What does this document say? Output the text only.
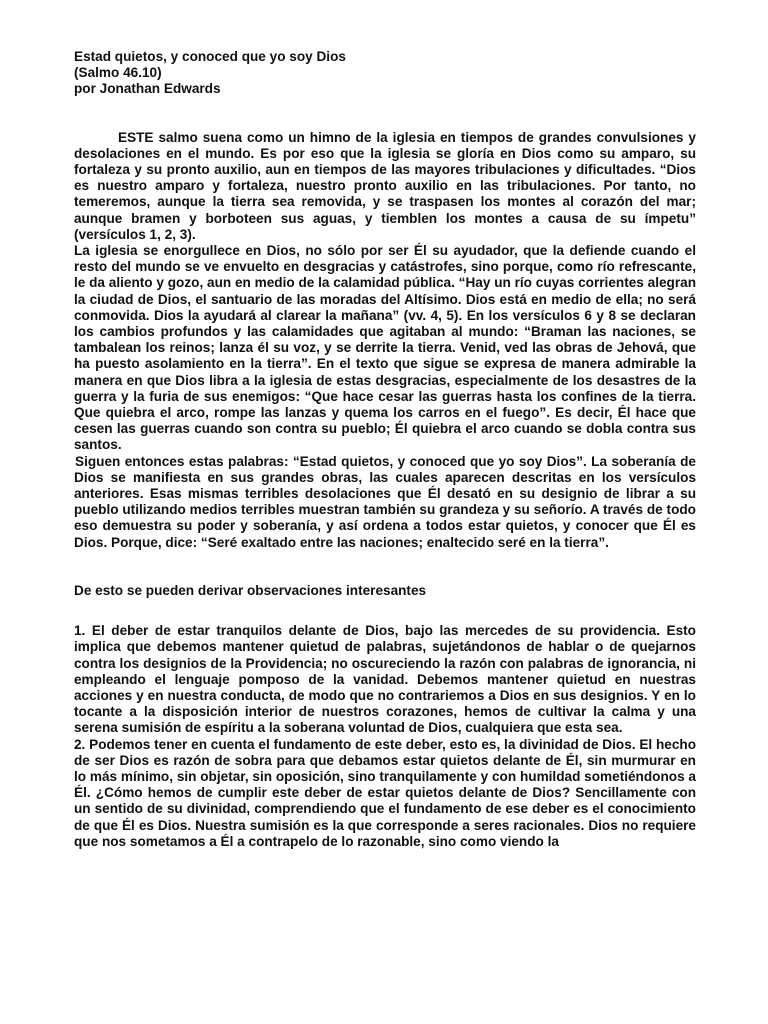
Estad quietos, y conoced que yo soy Dios

(Salmo 46.10)

por Jonathan Edwards

ESTE salmo suena como un himno de la iglesia en tiempos de grandes convulsiones y desolaciones en el mundo. Es por eso que la iglesia se gloría en Dios como su amparo, su fortaleza y su pronto auxilio, aun en tiempos de las mayores tribulaciones y dificultades. “Dios es nuestro amparo y fortaleza, nuestro pronto auxilio en las tribulaciones. Por tanto, no temeremos, aunque la tierra sea removida, y se traspasen los montes al corazón del mar; aunque bramen y borboteen sus aguas, y tiemblen los montes a causa de su ímpetu” (versículos 1, 2, 3).

La iglesia se enorgullece en Dios, no sólo por ser Él su ayudador, que la defiende cuando el resto del mundo se ve envuelto en desgracias y catástrofes, sino porque, como río refrescante, le da aliento y gozo, aun en medio de la calamidad pública. “Hay un río cuyas corrientes alegran la ciudad de Dios, el santuario de las moradas del Altísimo. Dios está en medio de ella; no será conmovida. Dios la ayudará al clarear la mañana” (vv. 4, 5). En los versículos 6 y 8 se declaran los cambios profundos y las calamidades que agitaban al mundo: “Braman las naciones, se tambalean los reinos; lanza él su voz, y se derrite la tierra. Venid, ved las obras de Jehová, que ha puesto asolamiento en la tierra”. En el texto que sigue se expresa de manera admirable la manera en que Dios libra a la iglesia de estas desgracias, especialmente de los desastres de la guerra y la furia de sus enemigos: “Que hace cesar las guerras hasta los confines de la tierra. Que quiebra el arco, rompe las lanzas y quema los carros en el fuego”. Es decir, Él hace que cesen las guerras cuando son contra su pueblo; Él quiebra el arco cuando se dobla contra sus santos.

Siguen entonces estas palabras: “Estad quietos, y conoced que yo soy Dios”. La soberanía de Dios se manifiesta en sus grandes obras, las cuales aparecen descritas en los versículos anteriores. Esas mismas terribles desolaciones que Él desató en su designio de librar a su pueblo utilizando medios terribles muestran también su grandeza y su señorío. A través de todo eso demuestra su poder y soberanía, y así ordena a todos estar quietos, y conocer que Él es Dios. Porque, dice: “Seré exaltado entre las naciones; enaltecido seré en la tierra”.

De esto se pueden derivar observaciones interesantes

1. El deber de estar tranquilos delante de Dios, bajo las mercedes de su providencia. Esto implica que debemos mantener quietud de palabras, sujetándonos de hablar o de quejarnos contra los designios de la Providencia; no oscureciendo la razón con palabras de ignorancia, ni empleando el lenguaje pomposo de la vanidad. Debemos mantener quietud en nuestras acciones y en nuestra conducta, de modo que no contrariemos a Dios en sus designios. Y en lo tocante a la disposición interior de nuestros corazones, hemos de cultivar la calma y una serena sumisión de espíritu a la soberana voluntad de Dios, cualquiera que esta sea.

2. Podemos tener en cuenta el fundamento de este deber, esto es, la divinidad de Dios. El hecho de ser Dios es razón de sobra para que debamos estar quietos delante de Él, sin murmurar en lo más mínimo, sin objetar, sin oposición, sino tranquilamente y con humildad sometiéndonos a Él. ¿Cómo hemos de cumplir este deber de estar quietos delante de Dios? Sencillamente con un sentido de su divinidad, comprendiendo que el fundamento de ese deber es el conocimiento de que Él es Dios. Nuestra sumisión es la que corresponde a seres racionales. Dios no requiere que nos sometamos a Él a contrapelo de lo razonable, sino como viendo la
